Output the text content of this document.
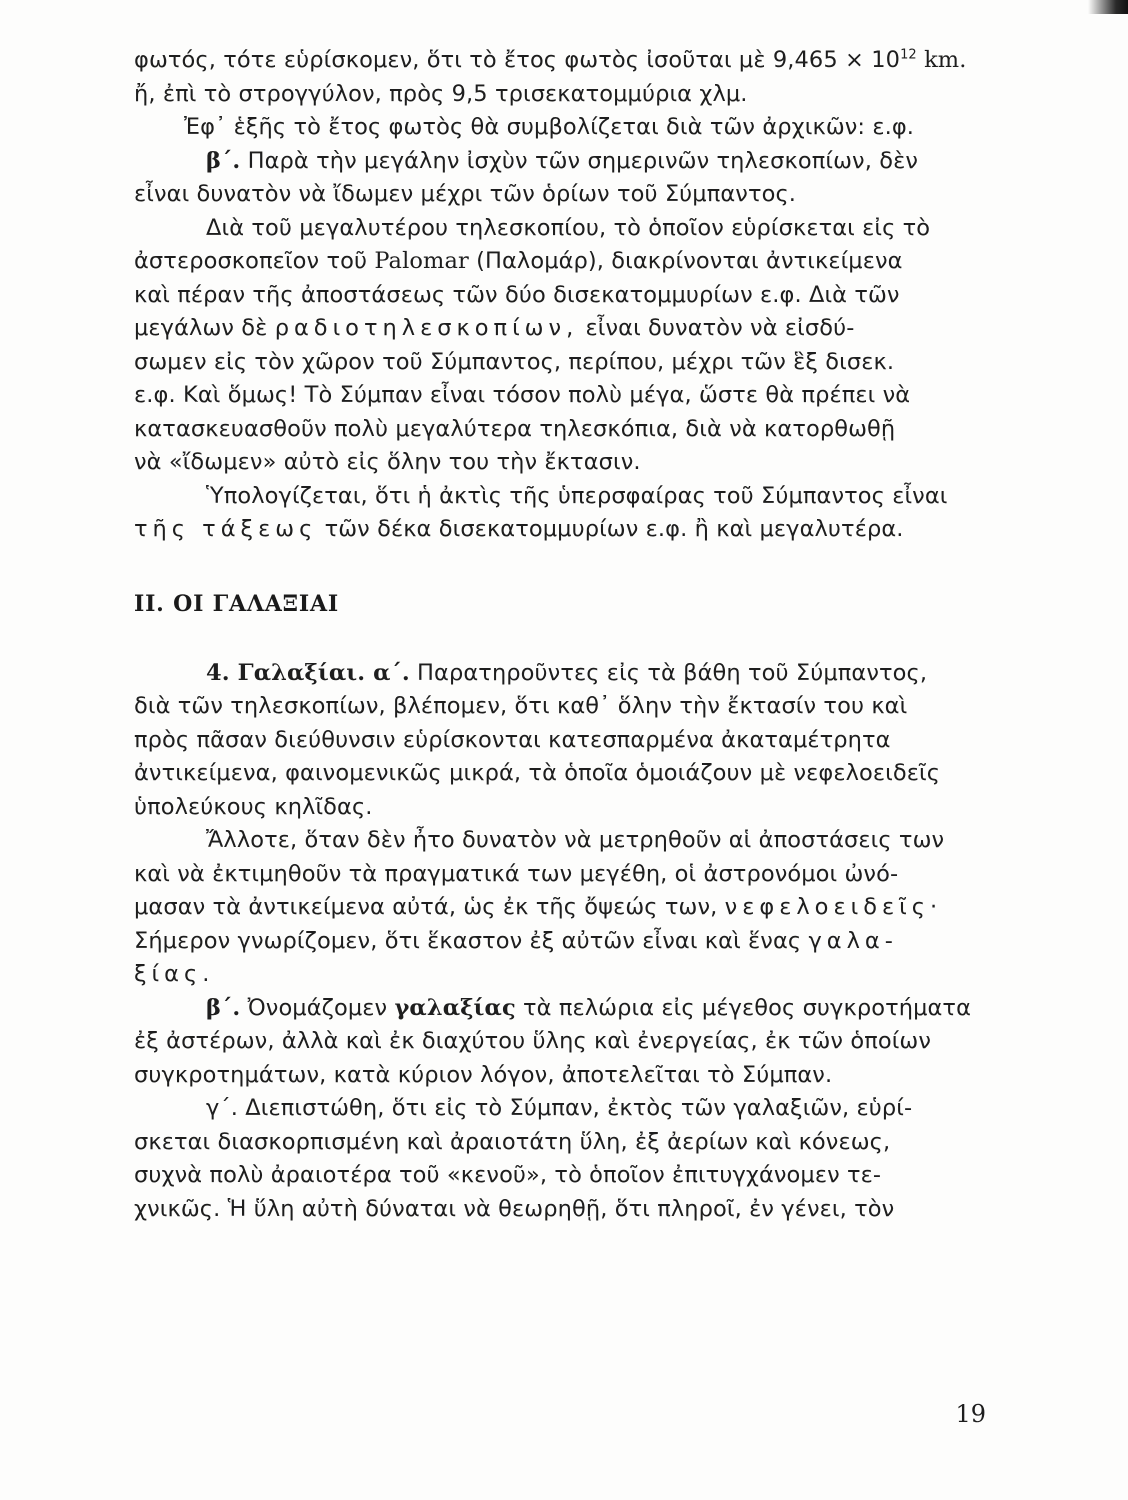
φωτός, τότε εὑρίσκομεν, ὅτι τὸ ἔτος φωτὸς ἰσοῦται μὲ $9,465 \times 10^{12}$ km.
ἤ, ἐπὶ τὸ στρογγύλον, πρὸς 9,5 τρισεκατομμύρια χλμ.
Ἐφ᾽ ἑξῆς τὸ ἔτος φωτὸς θὰ συμβολίζεται διὰ τῶν ἀρχικῶν: ε.φ.
β΄. Παρὰ τὴν μεγάλην ἰσχὺν τῶν σημερινῶν τηλεσκοπίων, δὲν
εἶναι δυνατὸν νὰ ἴδωμεν μέχρι τῶν ὁρίων τοῦ Σύμπαντος.
Διὰ τοῦ μεγαλυτέρου τηλεσκοπίου, τὸ ὁποῖον εὑρίσκεται εἰς τὸ
ἀστεροσκοπεῖον τοῦ Palomar (Παλομάρ), διακρίνονται ἀντικείμενα
καὶ πέραν τῆς ἀποστάσεως τῶν δύο δισεκατομμυρίων ε.φ. Διὰ τῶν
μεγάλων δὲ ραδιοτηλεσκοπίων, εἶναι δυνατὸν νὰ εἰσδύ-
σωμεν εἰς τὸν χῶρον τοῦ Σύμπαντος, περίπου, μέχρι τῶν ἓξ δισεκ.
ε.φ. Καὶ ὅμως! Τὸ Σύμπαν εἶναι τόσον πολὺ μέγα, ὥστε θὰ πρέπει νὰ
κατασκευασθοῦν πολὺ μεγαλύτερα τηλεσκόπια, διὰ νὰ κατορθωθῇ
νὰ «ἴδωμεν» αὐτὸ εἰς ὅλην του τὴν ἔκτασιν.
Ὑπολογίζεται, ὅτι ἡ ἀκτὶς τῆς ὑπερσφαίρας τοῦ Σύμπαντος εἶναι
τῆς τάξεως τῶν δέκα δισεκατομμυρίων ε.φ. ἢ καὶ μεγαλυτέρα.
II. ΟΙ ΓΑΛΑΞΙΑΙ
4. Γαλαξίαι. α΄. Παρατηροῦντες εἰς τὰ βάθη τοῦ Σύμπαντος,
διὰ τῶν τηλεσκοπίων, βλέπομεν, ὅτι καθ᾽ ὅλην τὴν ἔκτασίν του καὶ
πρὸς πᾶσαν διεύθυνσιν εὑρίσκονται κατεσπαρμένα ἀκαταμέτρητα
ἀντικείμενα, φαινομενικῶς μικρά, τὰ ὁποῖα ὁμοιάζουν μὲ νεφελοειδεῖς
ὑπολεύκους κηλῖδας.
Ἄλλοτε, ὅταν δὲν ἦτο δυνατὸν νὰ μετρηθοῦν αἱ ἀποστάσεις των
καὶ νὰ ἐκτιμηθοῦν τὰ πραγματικά των μεγέθη, οἱ ἀστρονόμοι ὠνό-
μασαν τὰ ἀντικείμενα αὐτά, ὡς ἐκ τῆς ὄψεώς των, νεφελοειδεῖς·
Σήμερον γνωρίζομεν, ὅτι ἕκαστον ἐξ αὐτῶν εἶναι καὶ ἕνας γαλα-
ξίας.
β΄. Ὀνομάζομεν γαλαξίας τὰ πελώρια εἰς μέγεθος συγκροτήματα
ἐξ ἀστέρων, ἀλλὰ καὶ ἐκ διαχύτου ὕλης καὶ ἐνεργείας, ἐκ τῶν ὁποίων
συγκροτημάτων, κατὰ κύριον λόγον, ἀποτελεῖται τὸ Σύμπαν.
γ΄. Διεπιστώθη, ὅτι εἰς τὸ Σύμπαν, ἐκτὸς τῶν γαλαξιῶν, εὑρί-
σκεται διασκορπισμένη καὶ ἀραιοτάτη ὕλη, ἐξ ἀερίων καὶ κόνεως,
συχνὰ πολὺ ἀραιοτέρα τοῦ «κενοῦ», τὸ ὁποῖον ἐπιτυγχάνομεν τε-
χνικῶς. Ἡ ὕλη αὐτὴ δύναται νὰ θεωρηθῇ, ὅτι πληροῖ, ἐν γένει, τὸν
19
